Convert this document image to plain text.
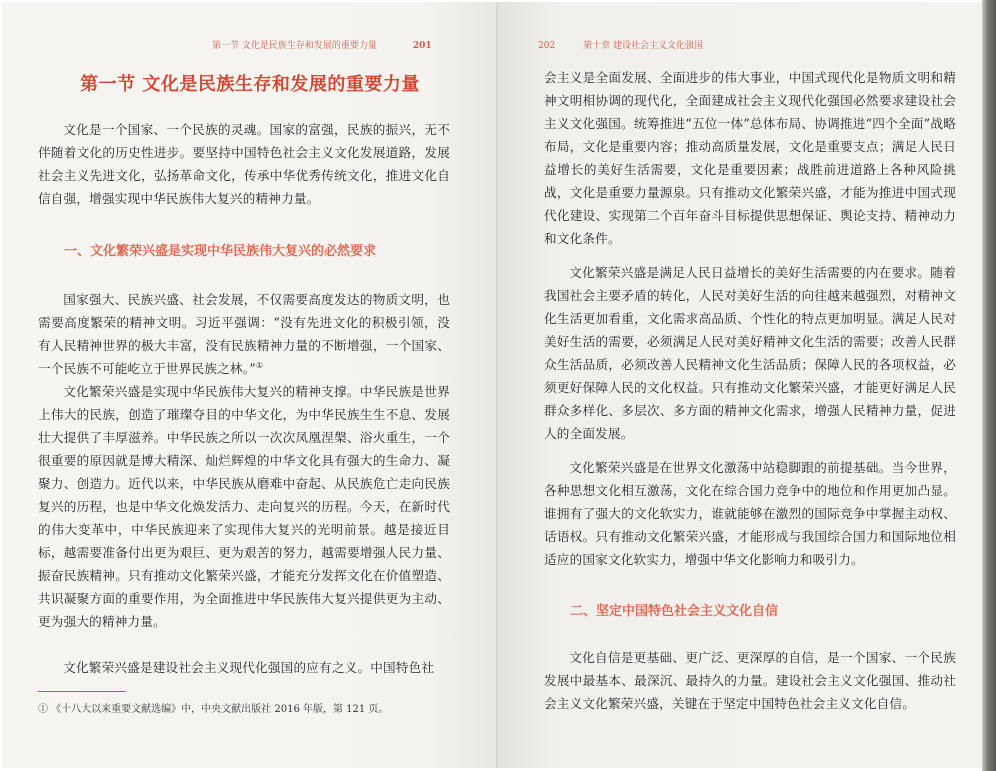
第一节 文化是民族生存和发展的重要力量	201
第一节 文化是民族生存和发展的重要力量

文化是一个国家、一个民族的灵魂。国家的富强，民族的振兴，无不伴随着文化的历史性进步。要坚持中国特色社会主义文化发展道路，发展社会主义先进文化，弘扬革命文化，传承中华优秀传统文化，推进文化自信自强，增强实现中华民族伟大复兴的精神力量。

一、文化繁荣兴盛是实现中华民族伟大复兴的必然要求

国家强大、民族兴盛、社会发展，不仅需要高度发达的物质文明，也需要高度繁荣的精神文明。习近平强调：“没有先进文化的积极引领，没有人民精神世界的极大丰富，没有民族精神力量的不断增强，一个国家、一个民族不可能屹立于世界民族之林。”①

文化繁荣兴盛是实现中华民族伟大复兴的精神支撑。中华民族是世界上伟大的民族，创造了璀璨夺目的中华文化，为中华民族生生不息、发展壮大提供了丰厚滋养。中华民族之所以一次次凤凰涅槃、浴火重生，一个很重要的原因就是博大精深、灿烂辉煌的中华文化具有强大的生命力、凝聚力、创造力。近代以来，中华民族从磨难中奋起、从民族危亡走向民族复兴的历程，也是中华文化焕发活力、走向复兴的历程。今天，在新时代的伟大变革中，中华民族迎来了实现伟大复兴的光明前景。越是接近目标，越需要准备付出更为艰巨、更为艰苦的努力，越需要增强人民力量、振奋民族精神。只有推动文化繁荣兴盛，才能充分发挥文化在价值塑造、共识凝聚方面的重要作用，为全面推进中华民族伟大复兴提供更为主动、更为强大的精神力量。

文化繁荣兴盛是建设社会主义现代化强国的应有之义。中国特色社

① 《十八大以来重要文献选编》中，中央文献出版社 2016 年版，第 121 页。
202	第十章 建设社会主义文化强国

会主义是全面发展、全面进步的伟大事业，中国式现代化是物质文明和精神文明相协调的现代化，全面建成社会主义现代化强国必然要求建设社会主义文化强国。统筹推进“五位一体”总体布局、协调推进“四个全面”战略布局，文化是重要内容；推动高质量发展，文化是重要支点；满足人民日益增长的美好生活需要，文化是重要因素；战胜前进道路上各种风险挑战，文化是重要力量源泉。只有推动文化繁荣兴盛，才能为推进中国式现代化建设、实现第二个百年奋斗目标提供思想保证、舆论支持、精神动力和文化条件。

文化繁荣兴盛是满足人民日益增长的美好生活需要的内在要求。随着我国社会主要矛盾的转化，人民对美好生活的向往越来越强烈，对精神文化生活更加看重，文化需求高品质、个性化的特点更加明显。满足人民对美好生活的需要，必须满足人民对美好精神文化生活的需要；改善人民群众生活品质，必须改善人民精神文化生活品质；保障人民的各项权益，必须更好保障人民的文化权益。只有推动文化繁荣兴盛，才能更好满足人民群众多样化、多层次、多方面的精神文化需求，增强人民精神力量，促进人的全面发展。

文化繁荣兴盛是在世界文化激荡中站稳脚跟的前提基础。当今世界，各种思想文化相互激荡，文化在综合国力竞争中的地位和作用更加凸显。谁拥有了强大的文化软实力，谁就能够在激烈的国际竞争中掌握主动权、话语权。只有推动文化繁荣兴盛，才能形成与我国综合国力和国际地位相适应的国家文化软实力，增强中华文化影响力和吸引力。

二、坚定中国特色社会主义文化自信

文化自信是更基础、更广泛、更深厚的自信，是一个国家、一个民族发展中最基本、最深沉、最持久的力量。建设社会主义文化强国、推动社会主义文化繁荣兴盛，关键在于坚定中国特色社会主义文化自信。
